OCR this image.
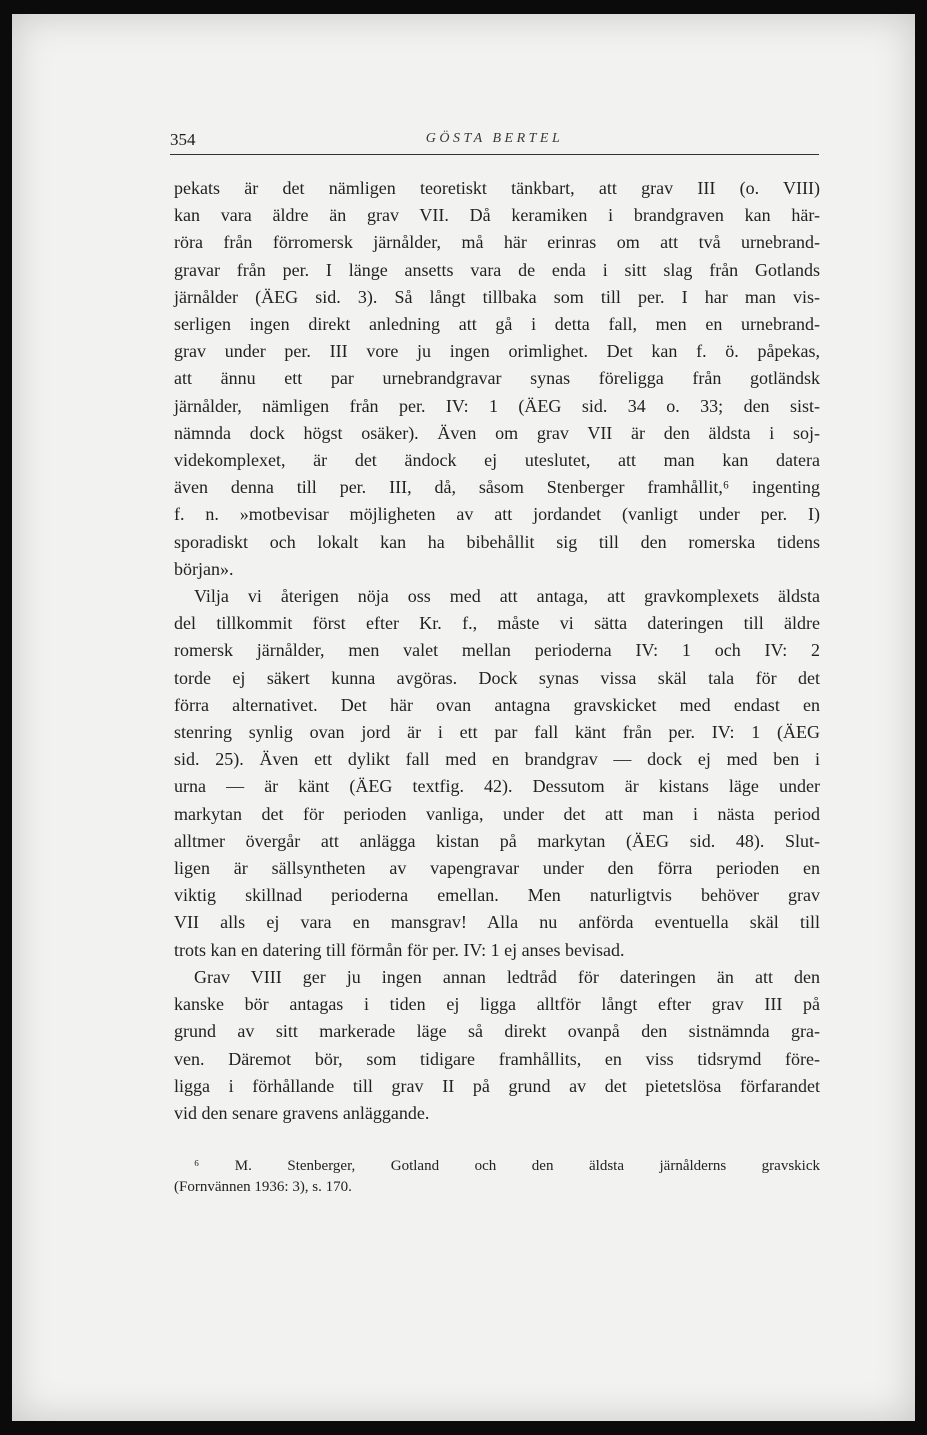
354	GÖSTA BERTEL

pekats är det nämligen teoretiskt tänkbart, att grav III (o. VIII)
kan vara äldre än grav VII. Då keramiken i brandgraven kan här-
röra från förromersk järnålder, må här erinras om att två urnebrand-
gravar från per. I länge ansetts vara de enda i sitt slag från Gotlands
järnålder (ÄEG sid. 3). Så långt tillbaka som till per. I har man vis-
serligen ingen direkt anledning att gå i detta fall, men en urnebrand-
grav under per. III vore ju ingen orimlighet. Det kan f. ö. påpekas,
att ännu ett par urnebrandgravar synas föreligga från gotländsk
järnålder, nämligen från per. IV: 1 (ÄEG sid. 34 o. 33; den sist-
nämnda dock högst osäker). Även om grav VII är den äldsta i soj-
videkomplexet, är det ändock ej uteslutet, att man kan datera
även denna till per. III, då, såsom Stenberger framhållit,⁶ ingenting
f. n. »motbevisar möjligheten av att jordandet (vanligt under per. I)
sporadiskt och lokalt kan ha bibehållit sig till den romerska tidens
början».

Vilja vi återigen nöja oss med att antaga, att gravkomplexets äldsta
del tillkommit först efter Kr. f., måste vi sätta dateringen till äldre
romersk järnålder, men valet mellan perioderna IV: 1 och IV: 2
torde ej säkert kunna avgöras. Dock synas vissa skäl tala för det
förra alternativet. Det här ovan antagna gravskicket med endast en
stenring synlig ovan jord är i ett par fall känt från per. IV: 1 (ÄEG
sid. 25). Även ett dylikt fall med en brandgrav — dock ej med ben i
urna — är känt (ÄEG textfig. 42). Dessutom är kistans läge under
markytan det för perioden vanliga, under det att man i nästa period
alltmer övergår att anlägga kistan på markytan (ÄEG sid. 48). Slut-
ligen är sällsyntheten av vapengravar under den förra perioden en
viktig skillnad perioderna emellan. Men naturligtvis behöver grav
VII alls ej vara en mansgrav! Alla nu anförda eventuella skäl till
trots kan en datering till förmån för per. IV: 1 ej anses bevisad.

Grav VIII ger ju ingen annan ledtråd för dateringen än att den
kanske bör antagas i tiden ej ligga alltför långt efter grav III på
grund av sitt markerade läge så direkt ovanpå den sistnämnda gra-
ven. Däremot bör, som tidigare framhållits, en viss tidsrymd före-
ligga i förhållande till grav II på grund av det pietetslösa förfarandet
vid den senare gravens anläggande.

⁶ M. Stenberger, Gotland och den äldsta järnålderns gravskick
(Fornvännen 1936: 3), s. 170.
